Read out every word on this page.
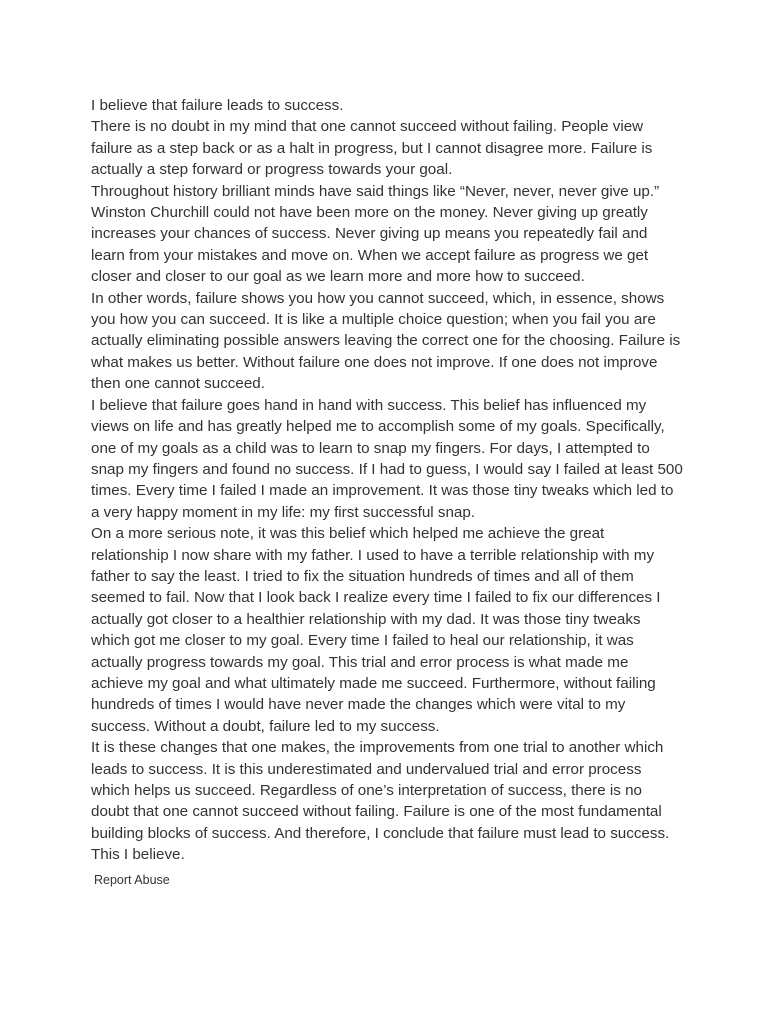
I believe that failure leads to success.

There is no doubt in my mind that one cannot succeed without failing. People view
failure as a step back or as a halt in progress, but I cannot disagree more. Failure is
actually a step forward or progress towards your goal.

Throughout history brilliant minds have said things like “Never, never, never give up.”
Winston Churchill could not have been more on the money. Never giving up greatly
increases your chances of success. Never giving up means you repeatedly fail and
learn from your mistakes and move on. When we accept failure as progress we get
closer and closer to our goal as we learn more and more how to succeed.

In other words, failure shows you how you cannot succeed, which, in essence, shows
you how you can succeed. It is like a multiple choice question; when you fail you are
actually eliminating possible answers leaving the correct one for the choosing. Failure is
what makes us better. Without failure one does not improve. If one does not improve
then one cannot succeed.

I believe that failure goes hand in hand with success. This belief has influenced my
views on life and has greatly helped me to accomplish some of my goals. Specifically,
one of my goals as a child was to learn to snap my fingers. For days, I attempted to
snap my fingers and found no success. If I had to guess, I would say I failed at least 500
times. Every time I failed I made an improvement. It was those tiny tweaks which led to
a very happy moment in my life: my first successful snap.

On a more serious note, it was this belief which helped me achieve the great
relationship I now share with my father. I used to have a terrible relationship with my
father to say the least. I tried to fix the situation hundreds of times and all of them
seemed to fail. Now that I look back I realize every time I failed to fix our differences I
actually got closer to a healthier relationship with my dad. It was those tiny tweaks
which got me closer to my goal. Every time I failed to heal our relationship, it was
actually progress towards my goal. This trial and error process is what made me
achieve my goal and what ultimately made me succeed. Furthermore, without failing
hundreds of times I would have never made the changes which were vital to my
success. Without a doubt, failure led to my success.

It is these changes that one makes, the improvements from one trial to another which
leads to success. It is this underestimated and undervalued trial and error process
which helps us succeed. Regardless of one’s interpretation of success, there is no
doubt that one cannot succeed without failing. Failure is one of the most fundamental
building blocks of success. And therefore, I conclude that failure must lead to success.
This I believe.

Report Abuse
